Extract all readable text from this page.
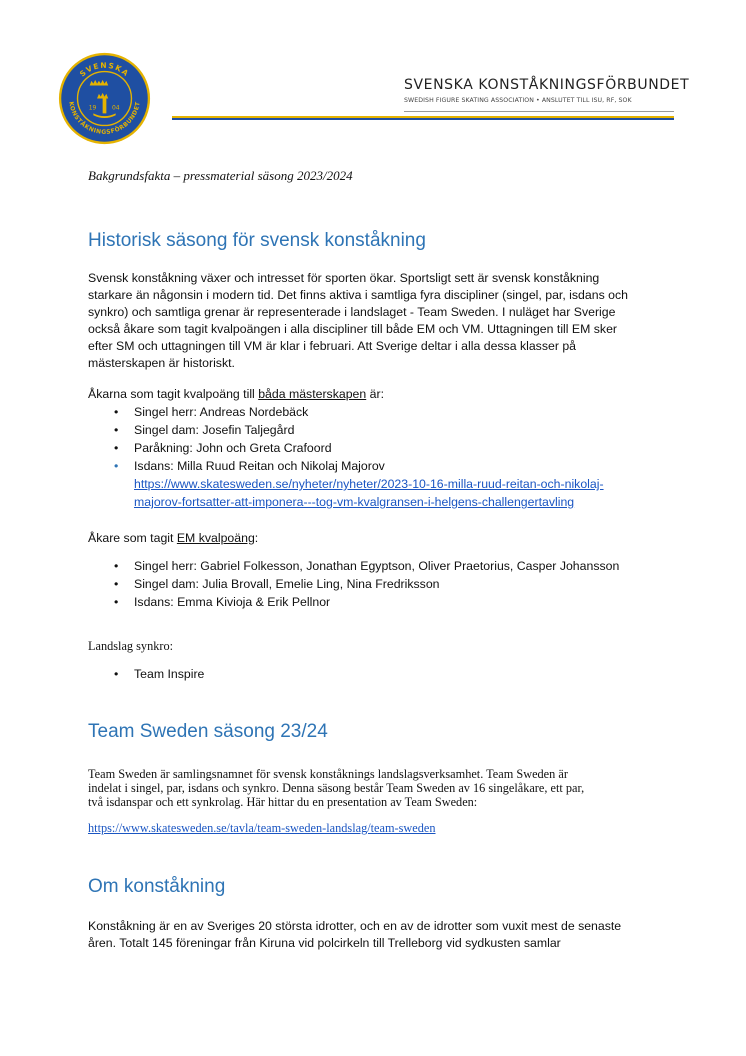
SVENSKA
KONSTÅKNINGSFÖRBUNDET
19 04
SVENSKA KONSTÅKNINGSFÖRBUNDET
SWEDISH FIGURE SKATING ASSOCIATION • ANSLUTET TILL ISU, RF, SOK
Bakgrundsfakta – pressmaterial säsong 2023/2024
Historisk säsong för svensk konståkning

Svensk konståkning växer och intresset för sporten ökar. Sportsligt sett är svensk konståkning

starkare än någonsin i modern tid. Det finns aktiva i samtliga fyra discipliner (singel, par, isdans och

synkro) och samtliga grenar är representerade i landslaget - Team Sweden. I nuläget har Sverige

också åkare som tagit kvalpoängen i alla discipliner till både EM och VM. Uttagningen till EM sker

efter SM och uttagningen till VM är klar i februari. Att Sverige deltar i alla dessa klasser på

mästerskapen är historiskt.

Åkarna som tagit kvalpoäng till båda mästerskapen är:
• Singel herr: Andreas Nordebäck
• Singel dam: Josefin Taljegård
• Paråkning: John och Greta Crafoord
• Isdans: Milla Ruud Reitan och Nikolaj Majorov
https://www.skatesweden.se/nyheter/nyheter/2023-10-16-milla-ruud-reitan-och-nikolaj-
majorov-fortsatter-att-imponera---tog-vm-kvalgransen-i-helgens-challengertavling
Åkare som tagit EM kvalpoäng:
• Singel herr: Gabriel Folkesson, Jonathan Egyptson, Oliver Praetorius, Casper Johansson
• Singel dam: Julia Brovall, Emelie Ling, Nina Fredriksson
• Isdans: Emma Kivioja & Erik Pellnor
Landslag synkro:
• Team Inspire
Team Sweden säsong 23/24

Team Sweden är samlingsnamnet för svensk konståknings landslagsverksamhet. Team Sweden är

indelat i singel, par, isdans och synkro. Denna säsong består Team Sweden av 16 singelåkare, ett par,

två isdanspar och ett synkrolag. Här hittar du en presentation av Team Sweden:

https://www.skatesweden.se/tavla/team-sweden-landslag/team-sweden
Om konståkning

Konståkning är en av Sveriges 20 största idrotter, och en av de idrotter som vuxit mest de senaste

åren. Totalt 145 föreningar från Kiruna vid polcirkeln till Trelleborg vid sydkusten samlar
